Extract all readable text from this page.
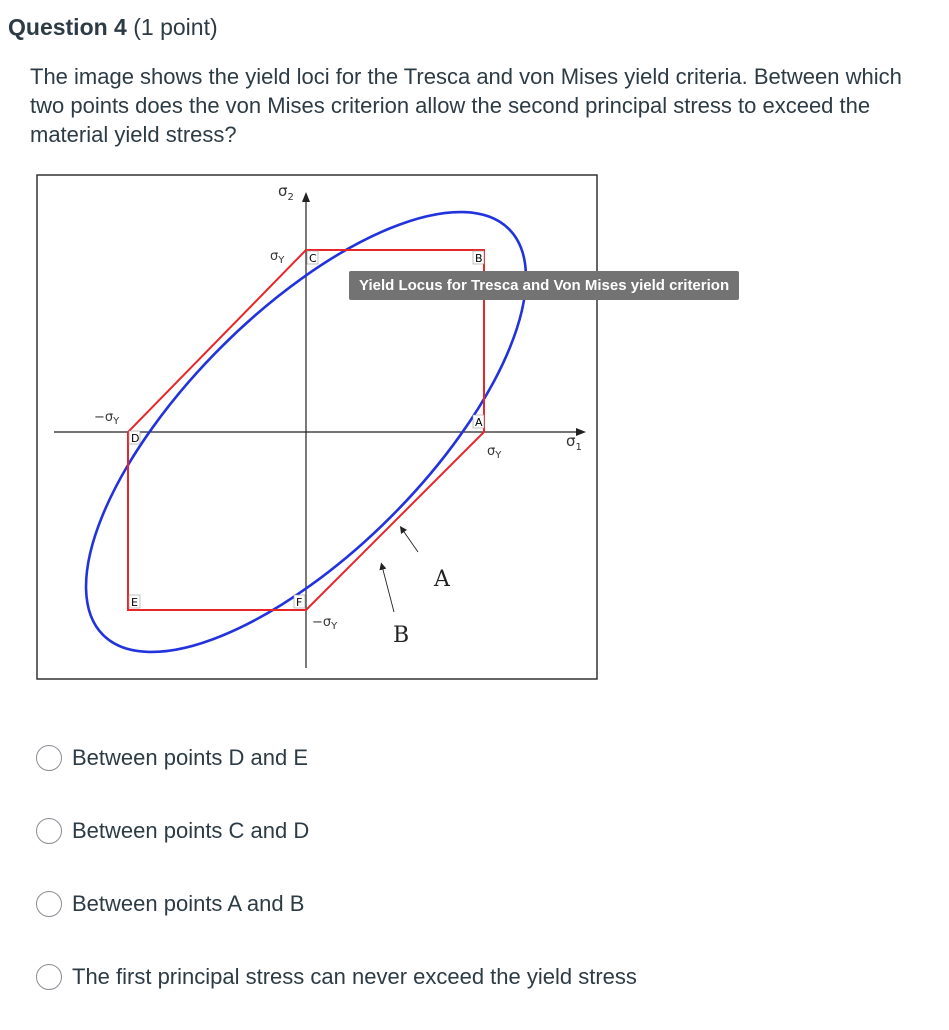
Question 4 (1 point)
The image shows the yield loci for the Tresca and von Mises yield criteria. Between which two points does the von Mises criterion allow the second principal stress to exceed the material yield stress?
C	B
A
D
E	F
$\sigma_2$
$\sigma_1$
$\sigma_Y$
$\sigma_Y$
$-\sigma_Y$
$-\sigma_Y$
A
B
Yield Locus for Tresca and Von Mises yield criterion
Between points D and E
Between points C and D
Between points A and B
The first principal stress can never exceed the yield stress
